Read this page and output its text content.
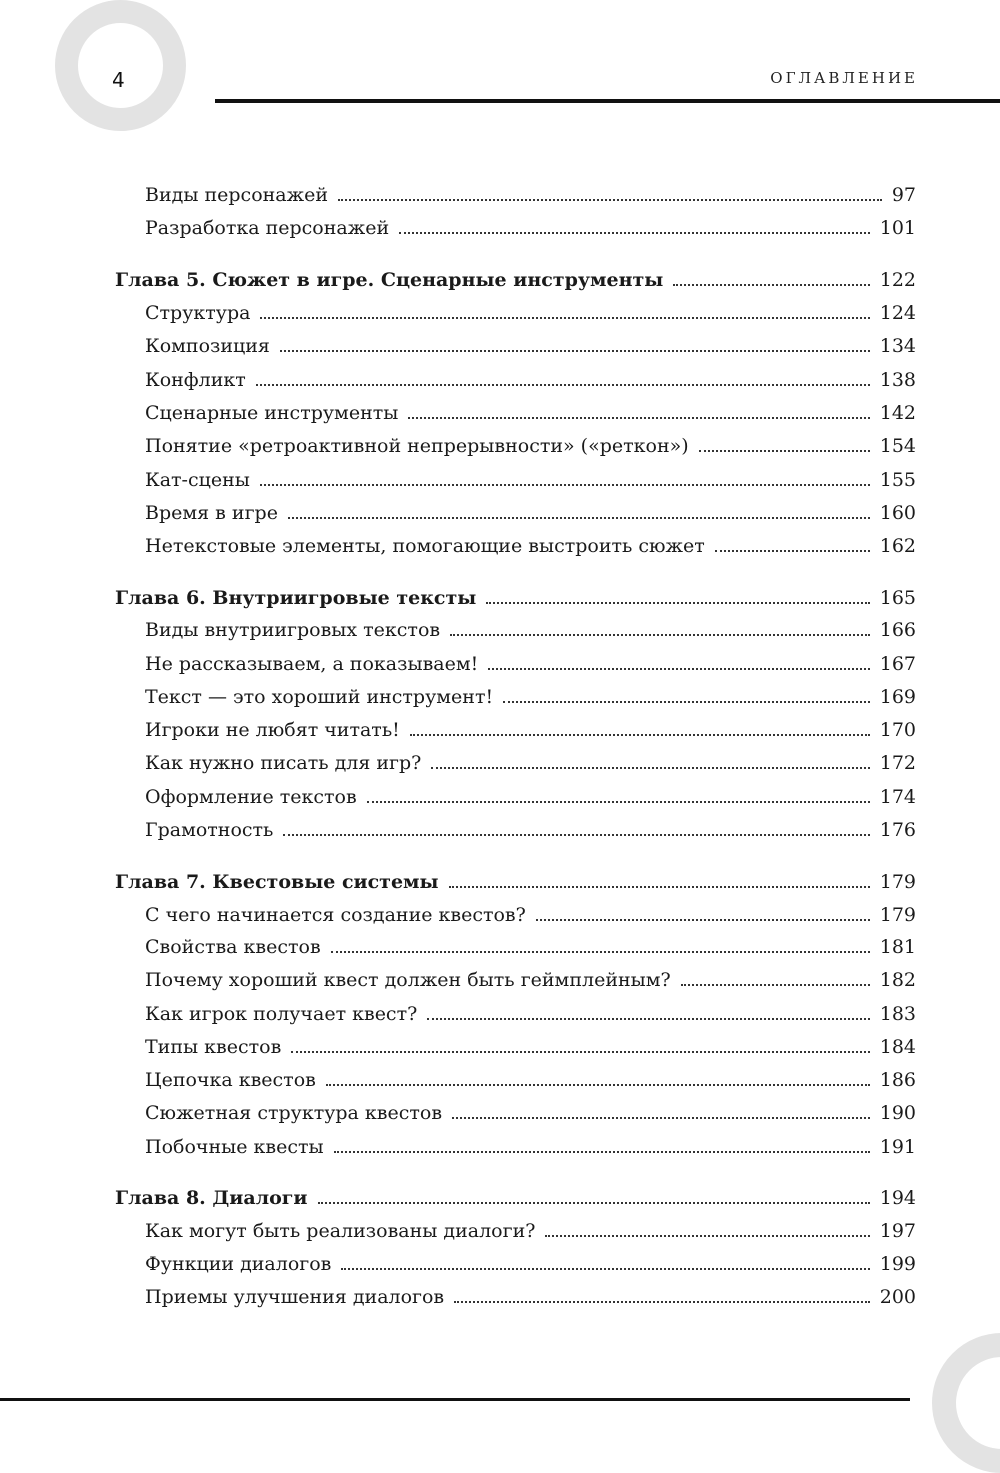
4	ОГЛАВЛЕНИЕ
Виды персонажей	97
Разработка персонажей	101
Глава 5. Сюжет в игре. Сценарные инструменты	122
Структура	124
Композиция	134
Конфликт	138
Сценарные инструменты	142
Понятие «ретроактивной непрерывности» («реткон»)	154
Кат-сцены	155
Время в игре	160
Нетекстовые элементы, помогающие выстроить сюжет	162
Глава 6. Внутриигровые тексты	165
Виды внутриигровых текстов	166
Не рассказываем, а показываем!	167
Текст — это хороший инструмент!	169
Игроки не любят читать!	170
Как нужно писать для игр?	172
Оформление текстов	174
Грамотность	176
Глава 7. Квестовые системы	179
С чего начинается создание квестов?	179
Свойства квестов	181
Почему хороший квест должен быть геймплейным?	182
Как игрок получает квест?	183
Типы квестов	184
Цепочка квестов	186
Сюжетная структура квестов	190
Побочные квесты	191
Глава 8. Диалоги	194
Как могут быть реализованы диалоги?	197
Функции диалогов	199
Приемы улучшения диалогов	200
